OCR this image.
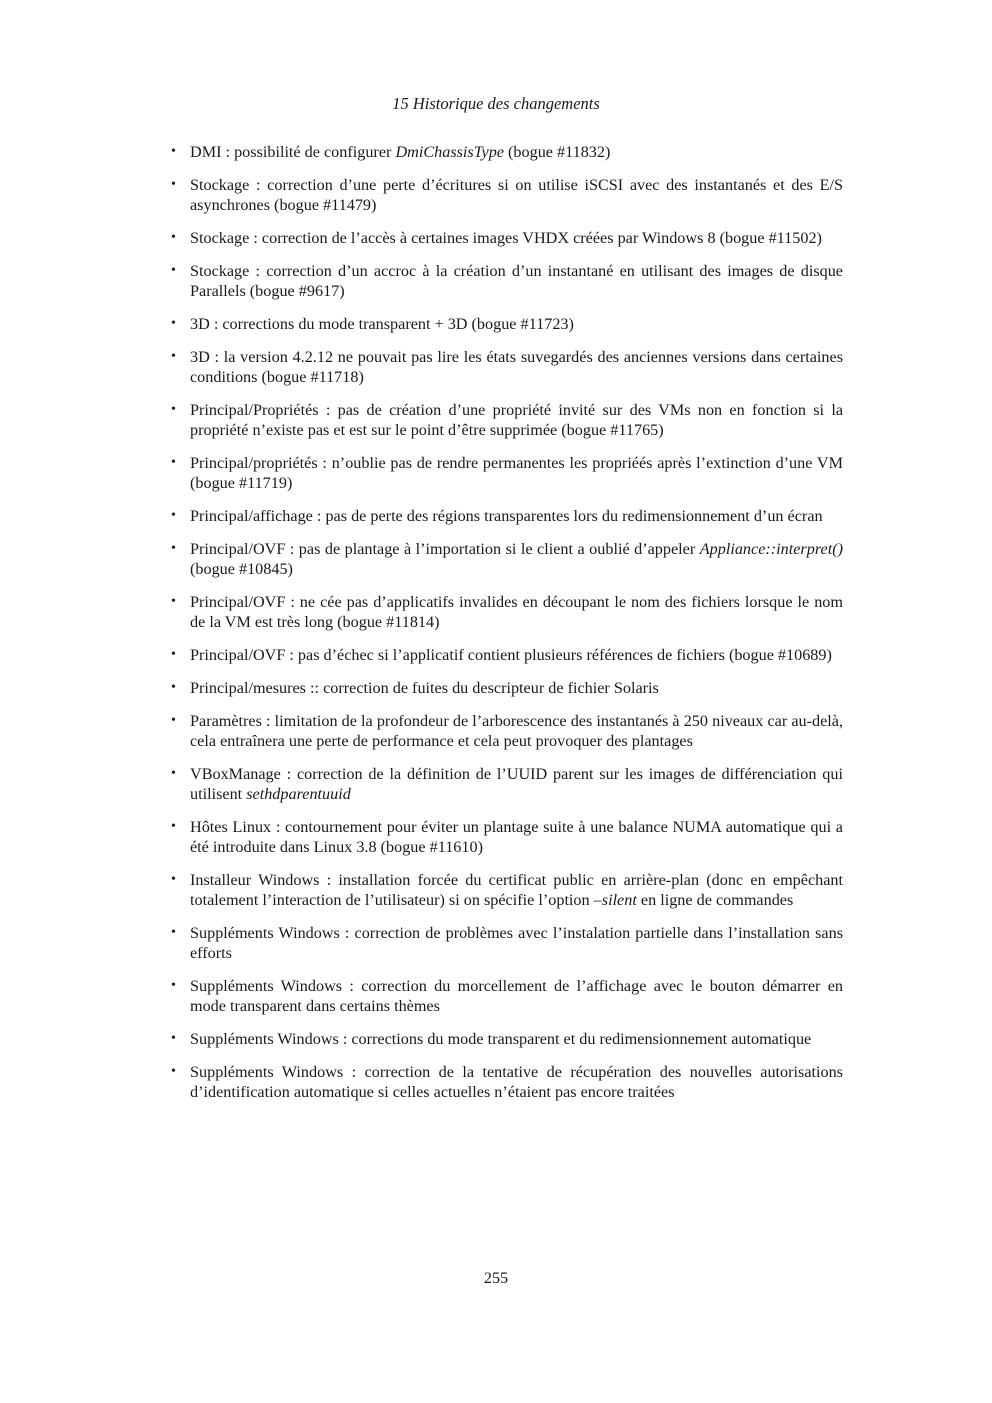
15 Historique des changements
• DMI : possibilité de configurer DmiChassisType (bogue #11832)
• Stockage : correction d’une perte d’écritures si on utilise iSCSI avec des instantanés et des E/S asynchrones (bogue #11479)
• Stockage : correction de l’accès à certaines images VHDX créées par Windows 8 (bogue #11502)
• Stockage : correction d’un accroc à la création d’un instantané en utilisant des images de disque Parallels (bogue #9617)
• 3D : corrections du mode transparent + 3D (bogue #11723)
• 3D : la version 4.2.12 ne pouvait pas lire les états suvegardés des anciennes versions dans certaines conditions (bogue #11718)
• Principal/Propriétés : pas de création d’une propriété invité sur des VMs non en fonction si la propriété n’existe pas et est sur le point d’être supprimée (bogue #11765)
• Principal/propriétés : n’oublie pas de rendre permanentes les propriéés après l’extinction d’une VM (bogue #11719)
• Principal/affichage : pas de perte des régions transparentes lors du redimensionnement d’un écran
• Principal/OVF : pas de plantage à l’importation si le client a oublié d’appeler Appliance::interpret() (bogue #10845)
• Principal/OVF : ne cée pas d’applicatifs invalides en découpant le nom des fichiers lorsque le nom de la VM est très long (bogue #11814)
• Principal/OVF : pas d’échec si l’applicatif contient plusieurs références de fichiers (bogue #10689)
• Principal/mesures :: correction de fuites du descripteur de fichier Solaris
• Paramètres : limitation de la profondeur de l’arborescence des instantanés à 250 niveaux car au-delà, cela entraînera une perte de performance et cela peut provoquer des plantages
• VBoxManage : correction de la définition de l’UUID parent sur les images de différenciation qui utilisent sethdparentuuid
• Hôtes Linux : contournement pour éviter un plantage suite à une balance NUMA automatique qui a été introduite dans Linux 3.8 (bogue #11610)
• Installeur Windows : installation forcée du certificat public en arrière-plan (donc en empêchant totalement l’interaction de l’utilisateur) si on spécifie l’option –silent en ligne de commandes
• Suppléments Windows : correction de problèmes avec l’instalation partielle dans l’installation sans efforts
• Suppléments Windows : correction du morcellement de l’affichage avec le bouton démarrer en mode transparent dans certains thèmes
• Suppléments Windows : corrections du mode transparent et du redimensionnement automatique
• Suppléments Windows : correction de la tentative de récupération des nouvelles autorisations d’identification automatique si celles actuelles n’étaient pas encore traitées
255
